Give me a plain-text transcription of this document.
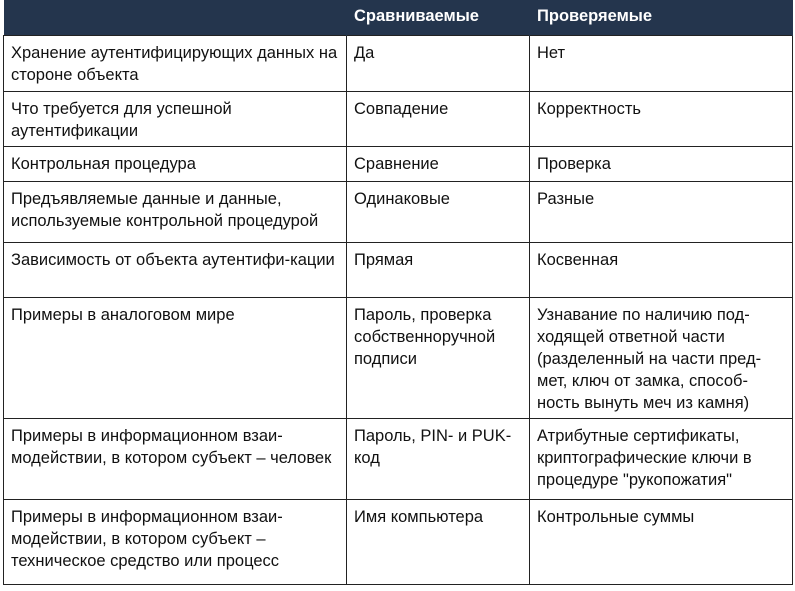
	Сравниваемые	Проверяемые

Хранение аутентифицирующих данных на стороне объекта	Да	Нет

Что требуется для успешной аутентификации	Совпадение	Корректность

Контрольная процедура	Сравнение	Проверка

Предъявляемые данные и данные, используемые контрольной процедурой	Одинаковые	Разные

Зависимость от объекта аутентифи-кации	Прямая	Косвенная

Примеры в аналоговом мире	Пароль, проверка собственноручной подписи	Узнавание по наличию под-ходящей ответной части (разделенный на части пред-мет, ключ от замка, способ-ность вынуть меч из камня)

Примеры в информационном взаи-модействии, в котором субъект – человек	Пароль, PIN- и PUK-код	Атрибутные сертификаты, криптографические ключи в процедуре "рукопожатия"

Примеры в информационном взаи-модействии, в котором субъект – техническое средство или процесс	Имя компьютера	Контрольные суммы
